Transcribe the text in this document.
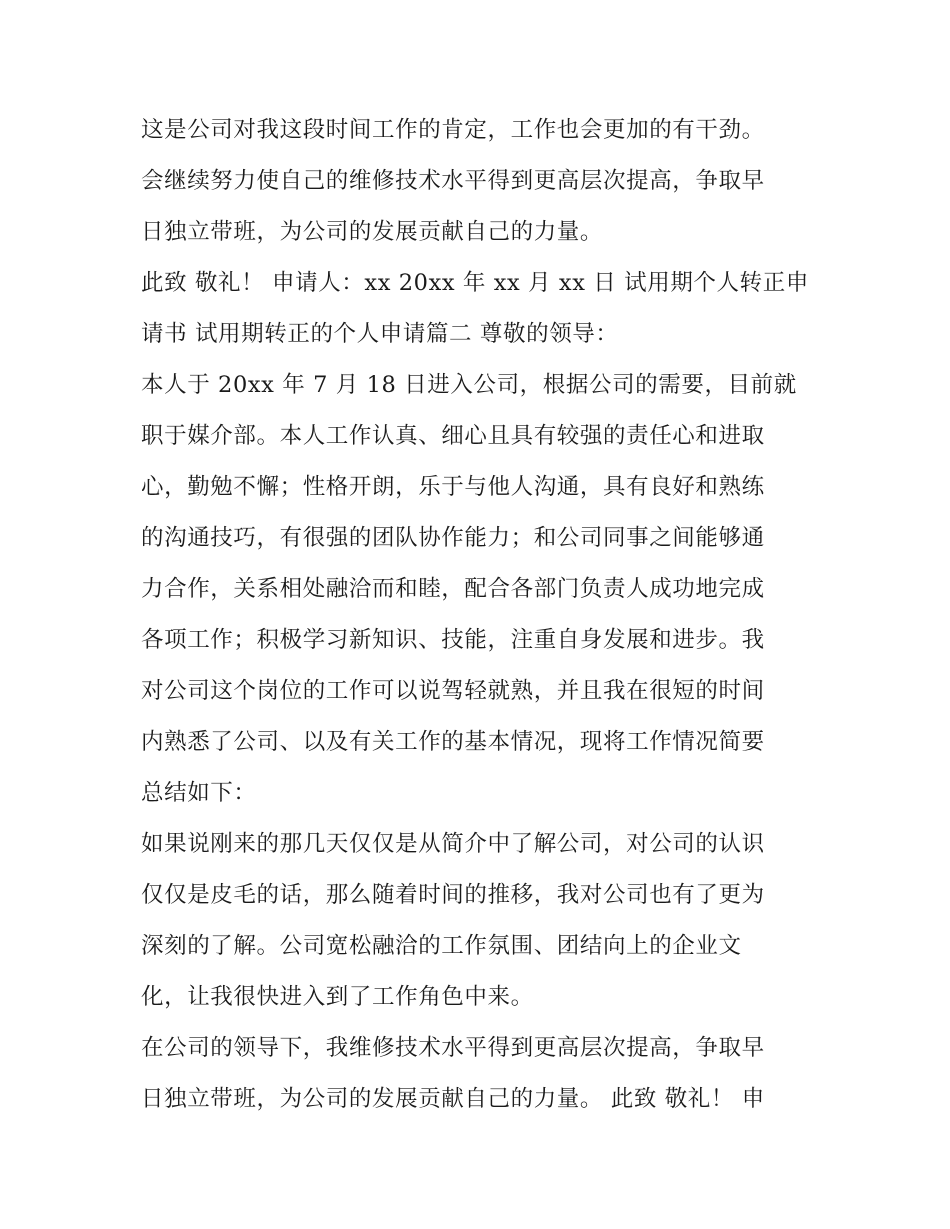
这是公司对我这段时间工作的肯定，工作也会更加的有干劲。
会继续努力使自己的维修技术水平得到更高层次提高，争取早
日独立带班，为公司的发展贡献自己的力量。
此致 敬礼！ 申请人：xx 20xx 年 xx 月 xx 日 试用期个人转正申
请书 试用期转正的个人申请篇二 尊敬的领导：
本人于 20xx 年 7 月 18 日进入公司，根据公司的需要，目前就
职于媒介部。本人工作认真、细心且具有较强的责任心和进取
心，勤勉不懈；性格开朗，乐于与他人沟通，具有良好和熟练
的沟通技巧，有很强的团队协作能力；和公司同事之间能够通
力合作，关系相处融洽而和睦，配合各部门负责人成功地完成
各项工作；积极学习新知识、技能，注重自身发展和进步。我
对公司这个岗位的工作可以说驾轻就熟，并且我在很短的时间
内熟悉了公司、以及有关工作的基本情况，现将工作情况简要
总结如下：
如果说刚来的那几天仅仅是从简介中了解公司，对公司的认识
仅仅是皮毛的话，那么随着时间的推移，我对公司也有了更为
深刻的了解。公司宽松融洽的工作氛围、团结向上的企业文
化，让我很快进入到了工作角色中来。
在公司的领导下，我维修技术水平得到更高层次提高，争取早
日独立带班，为公司的发展贡献自己的力量。 此致 敬礼！ 申
